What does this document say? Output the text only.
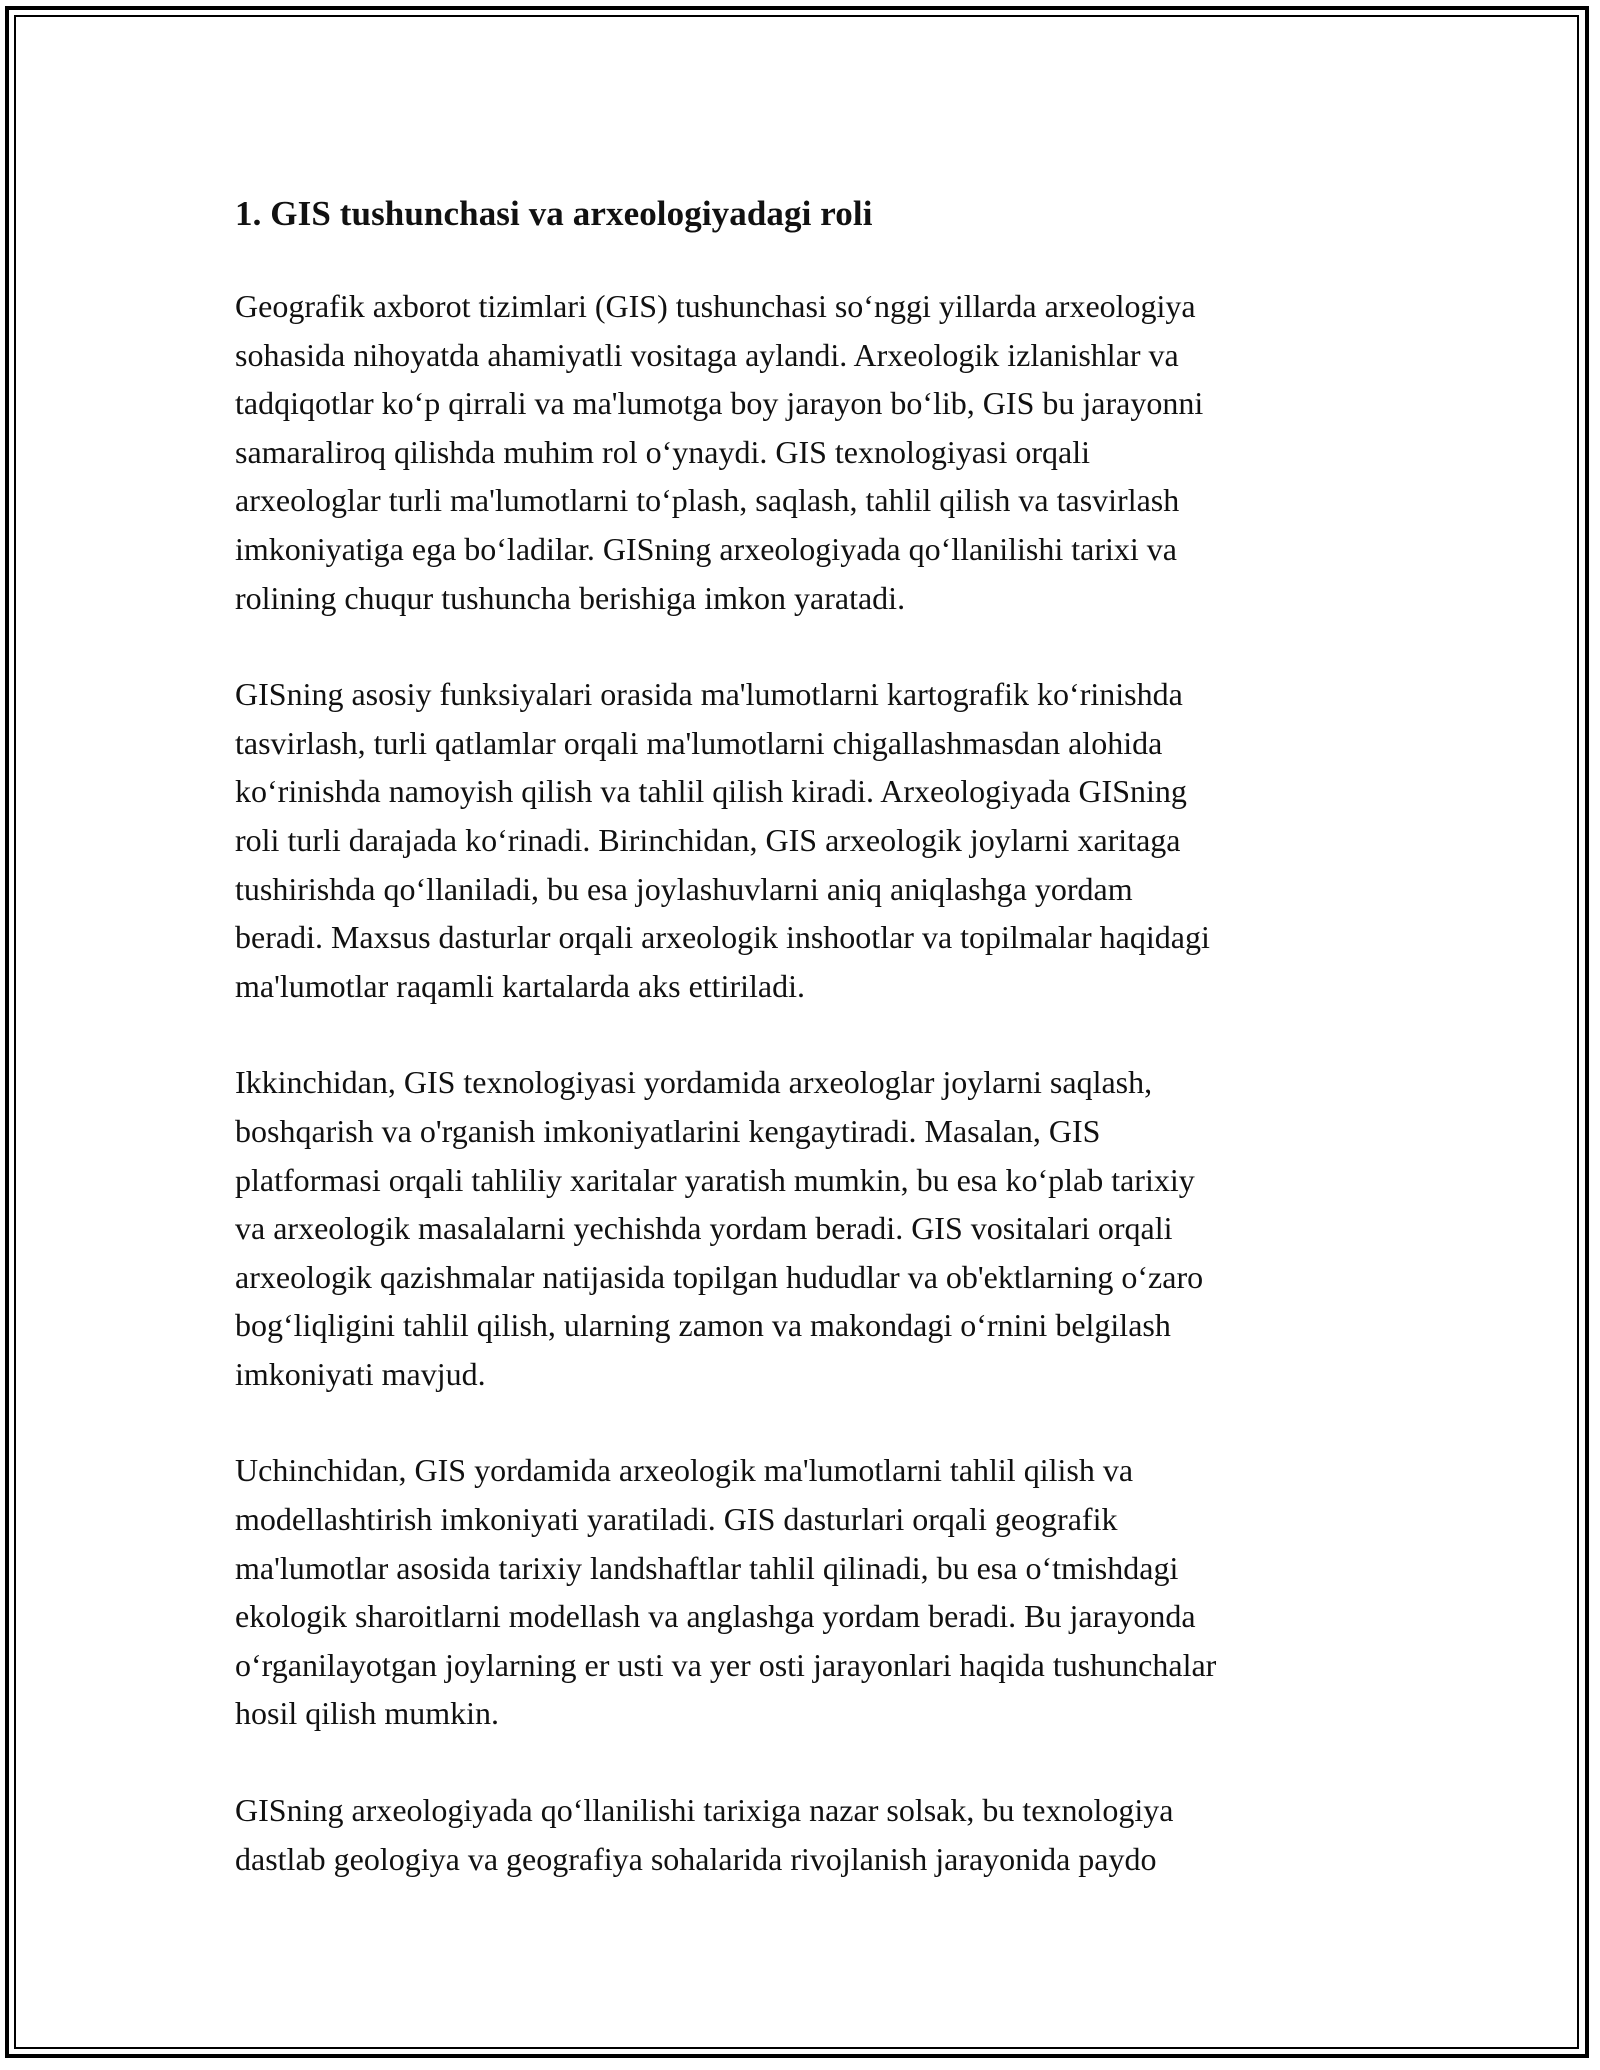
1. GIS tushunchasi va arxeologiyadagi roli

Geografik axborot tizimlari (GIS) tushunchasi so‘nggi yillarda arxeologiya
sohasida nihoyatda ahamiyatli vositaga aylandi. Arxeologik izlanishlar va
tadqiqotlar ko‘p qirrali va ma'lumotga boy jarayon bo‘lib, GIS bu jarayonni
samaraliroq qilishda muhim rol o‘ynaydi. GIS texnologiyasi orqali
arxeologlar turli ma'lumotlarni to‘plash, saqlash, tahlil qilish va tasvirlash
imkoniyatiga ega bo‘ladilar. GISning arxeologiyada qo‘llanilishi tarixi va
rolining chuqur tushuncha berishiga imkon yaratadi.

GISning asosiy funksiyalari orasida ma'lumotlarni kartografik ko‘rinishda
tasvirlash, turli qatlamlar orqali ma'lumotlarni chigallashmasdan alohida
ko‘rinishda namoyish qilish va tahlil qilish kiradi. Arxeologiyada GISning
roli turli darajada ko‘rinadi. Birinchidan, GIS arxeologik joylarni xaritaga
tushirishda qo‘llaniladi, bu esa joylashuvlarni aniq aniqlashga yordam
beradi. Maxsus dasturlar orqali arxeologik inshootlar va topilmalar haqidagi
ma'lumotlar raqamli kartalarda aks ettiriladi.

Ikkinchidan, GIS texnologiyasi yordamida arxeologlar joylarni saqlash,
boshqarish va o'rganish imkoniyatlarini kengaytiradi. Masalan, GIS
platformasi orqali tahliliy xaritalar yaratish mumkin, bu esa ko‘plab tarixiy
va arxeologik masalalarni yechishda yordam beradi. GIS vositalari orqali
arxeologik qazishmalar natijasida topilgan hududlar va ob'ektlarning o‘zaro
bog‘liqligini tahlil qilish, ularning zamon va makondagi o‘rnini belgilash
imkoniyati mavjud.

Uchinchidan, GIS yordamida arxeologik ma'lumotlarni tahlil qilish va
modellashtirish imkoniyati yaratiladi. GIS dasturlari orqali geografik
ma'lumotlar asosida tarixiy landshaftlar tahlil qilinadi, bu esa o‘tmishdagi
ekologik sharoitlarni modellash va anglashga yordam beradi. Bu jarayonda
o‘rganilayotgan joylarning er usti va yer osti jarayonlari haqida tushunchalar
hosil qilish mumkin.

GISning arxeologiyada qo‘llanilishi tarixiga nazar solsak, bu texnologiya
dastlab geologiya va geografiya sohalarida rivojlanish jarayonida paydo
